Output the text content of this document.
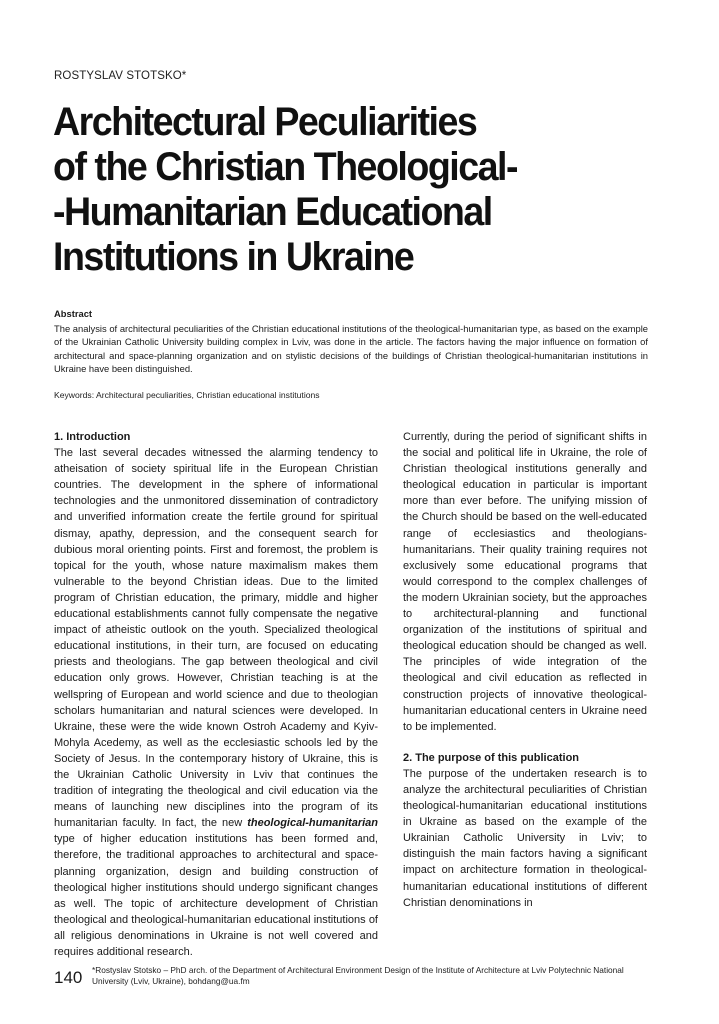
ROSTYSLAV STOTSKO*
Architectural Peculiarities
of the Christian Theological-
-Humanitarian Educational
Institutions in Ukraine

Abstract

The analysis of architectural peculiarities of the Christian educational institutions of the theological-humanitarian type, as based on the example of the Ukrainian Catholic University building complex in Lviv, was done in the article. The factors having the major influence on formation of architectural and space-planning organization and on stylistic decisions of the buildings of Christian theological-humanitarian institutions in Ukraine have been distinguished.

Keywords: Architectural peculiarities, Christian educational institutions

1. Introduction

The last several decades witnessed the alarming tendency to atheisation of society spiritual life in the European Christian countries. The development in the sphere of informational technologies and the unmonitored dissemination of contradictory and unverified information create the fertile ground for spiritual dismay, apathy, depression, and the consequent search for dubious moral orienting points. First and foremost, the problem is topical for the youth, whose nature maximalism makes them vulnerable to the beyond Christian ideas. Due to the limited program of Christian education, the primary, middle and higher educational establishments cannot fully compensate the negative impact of atheistic outlook on the youth. Specialized theological educational institutions, in their turn, are focused on educating priests and theologians. The gap between theological and civil education only grows. However, Christian teaching is at the wellspring of European and world science and due to theologian scholars humanitarian and natural sciences were developed. In Ukraine, these were the wide known Ostroh Academy and Kyiv-Mohyla Acedemy, as well as the ecclesiastic schools led by the Society of Jesus. In the contemporary history of Ukraine, this is the Ukrainian Catholic University in Lviv that continues the tradition of integrating the theological and civil education via the means of launching new disciplines into the program of its humanitarian faculty. In fact, the new theological-humanitarian type of higher education institutions has been formed and, therefore, the traditional approaches to architectural and space-planning organization, design and building construction of theological higher institutions should undergo significant changes as well. The topic of architecture development of Christian theological and theological-humanitarian educational institutions of all religious denominations in Ukraine is not well covered and requires additional research.

Currently, during the period of significant shifts in the social and political life in Ukraine, the role of Christian theological institutions generally and theological education in particular is important more than ever before. The unifying mission of the Church should be based on the well-educated range of ecclesiastics and theologians-humanitarians. Their quality training requires not exclusively some educational programs that would correspond to the complex challenges of the modern Ukrainian society, but the approaches to architectural-planning and functional organization of the institutions of spiritual and theological education should be changed as well. The principles of wide integration of the theological and civil education as reflected in construction projects of innovative theological-humanitarian educational centers in Ukraine need to be implemented.

2. The purpose of this publication

The purpose of the undertaken research is to analyze the architectural peculiarities of Christian theological-humanitarian educational institutions in Ukraine as based on the example of the Ukrainian Catholic University in Lviv; to distinguish the main factors having a significant impact on architecture formation in theological-humanitarian educational institutions of different Christian denominations in

140 *Rostyslav Stotsko – PhD arch. of the Department of Architectural Environment Design of the Institute of Architecture at Lviv Polytechnic National University (Lviv, Ukraine), bohdang@ua.fm
